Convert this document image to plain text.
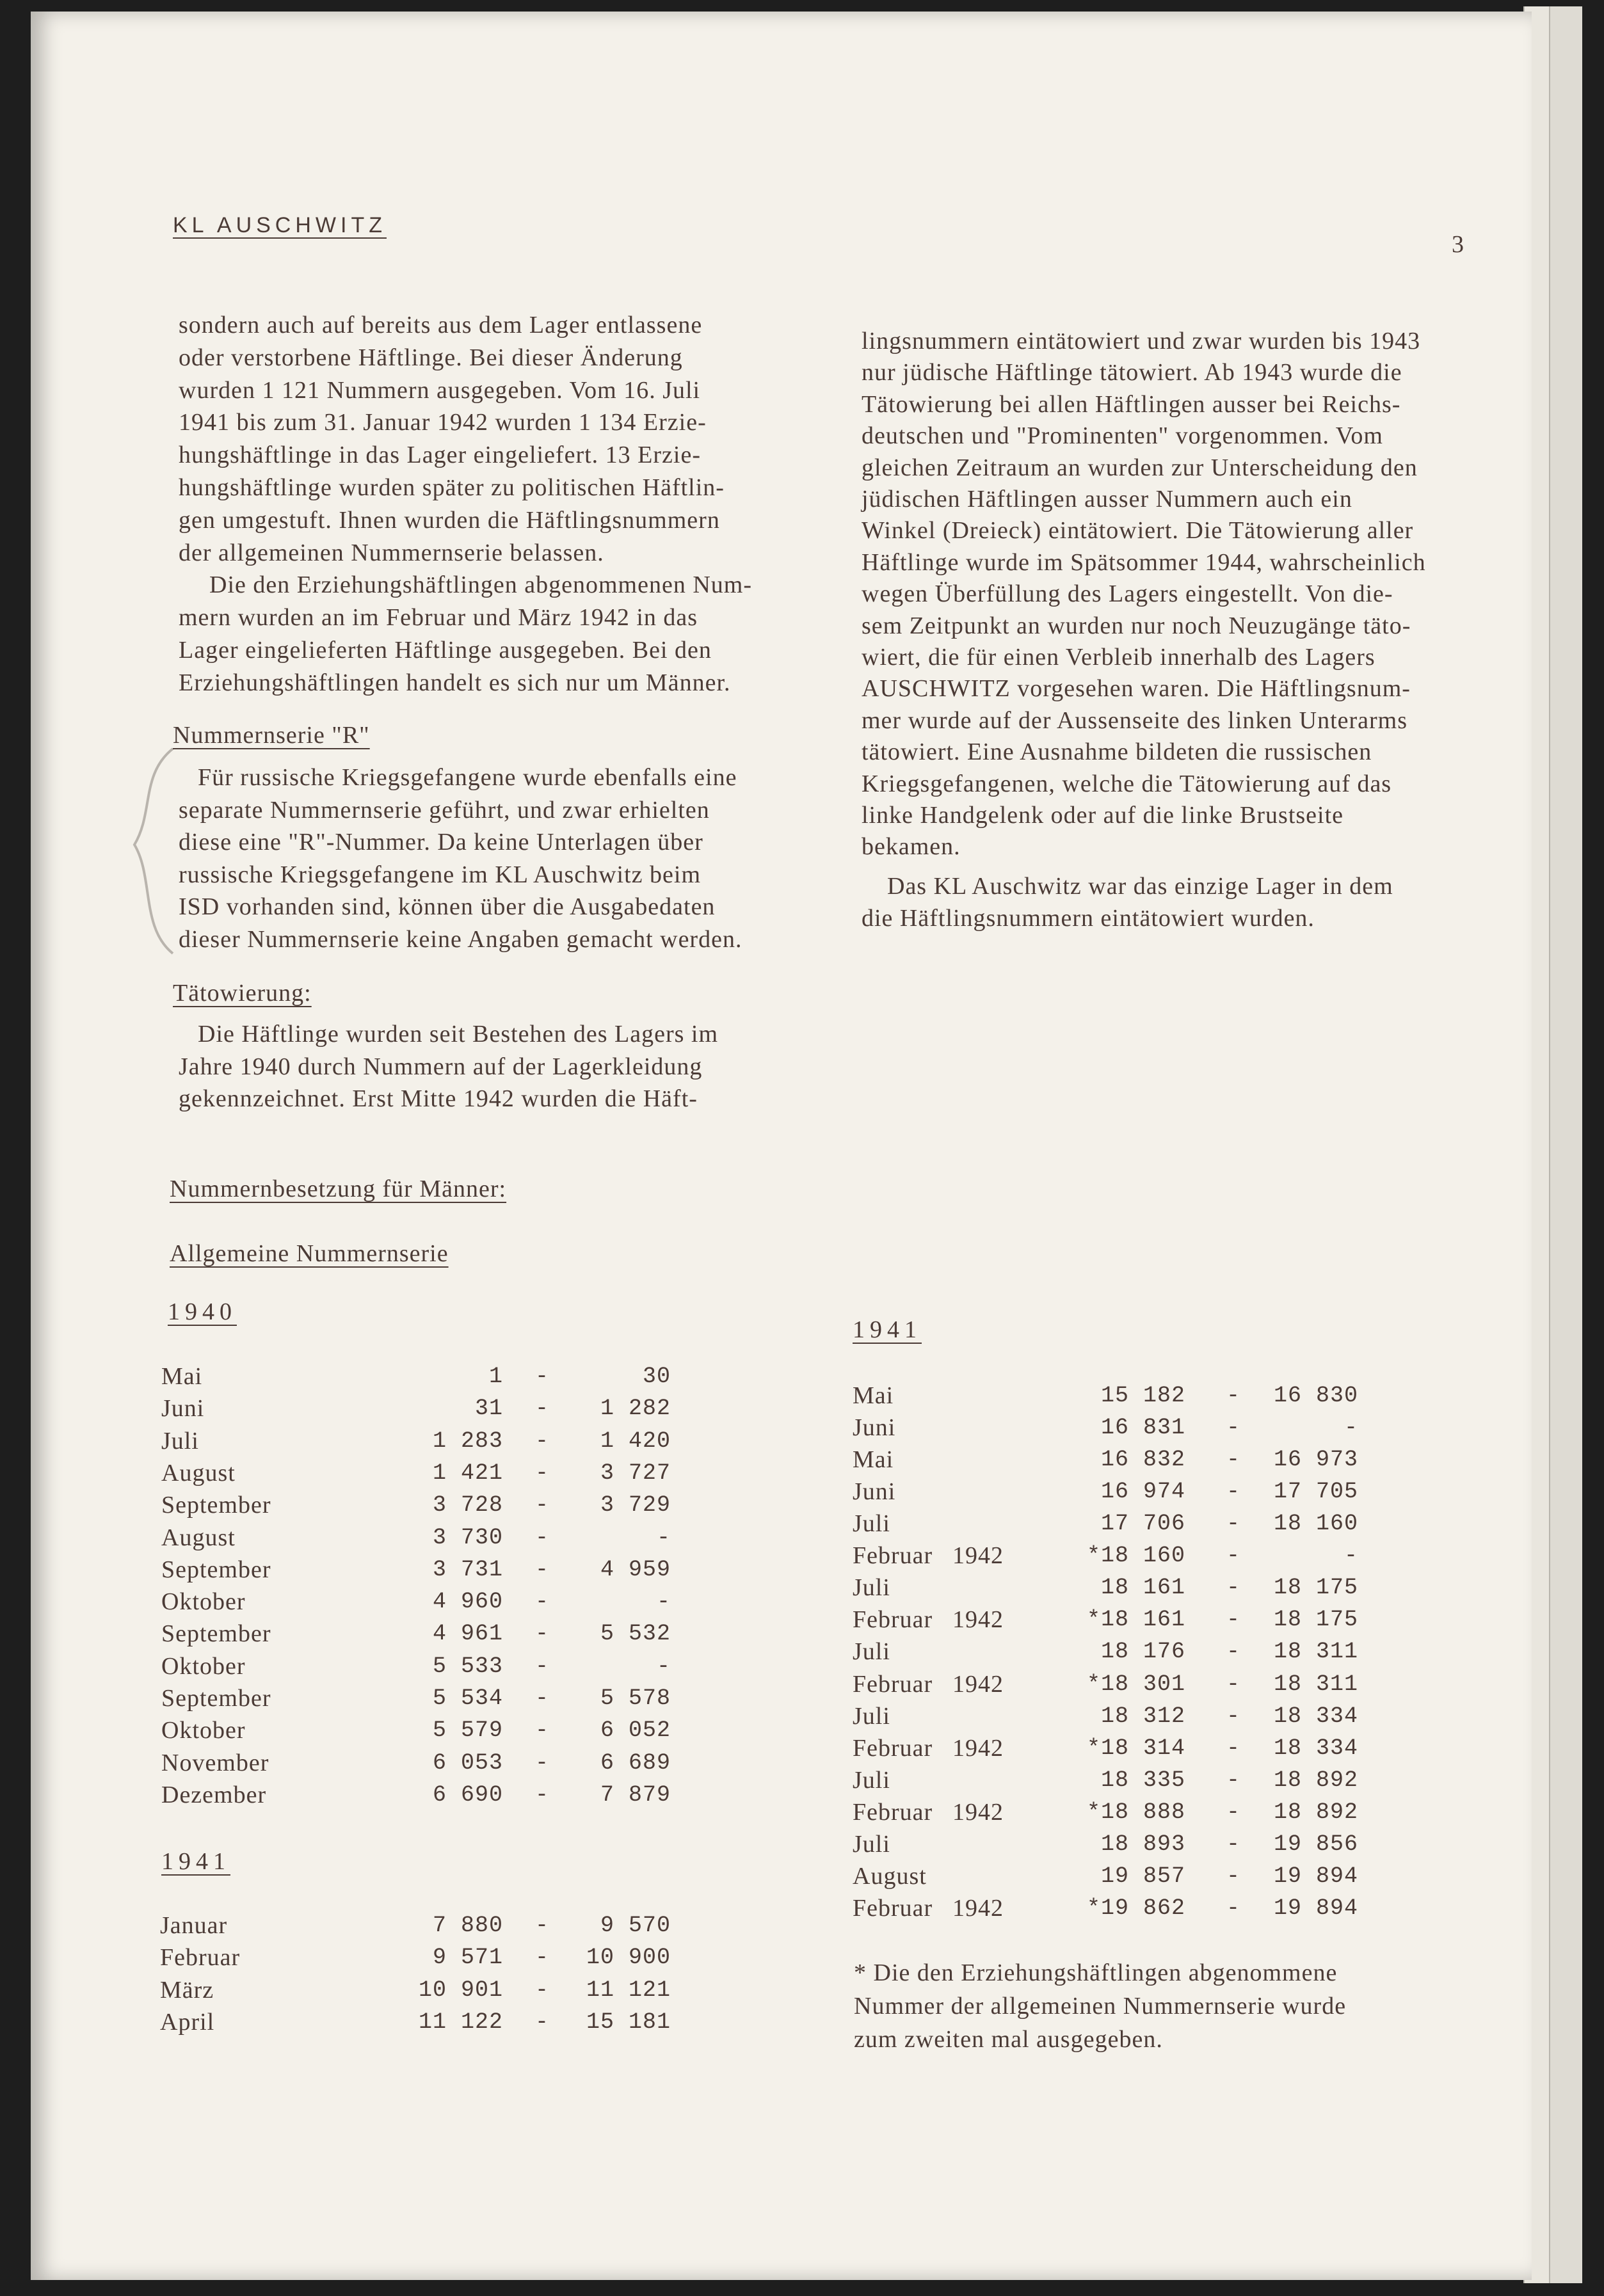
KL AUSCHWITZ
3
sondern auch auf bereits aus dem Lager entlassene
oder verstorbene Häftlinge. Bei dieser Änderung
wurden 1 121 Nummern ausgegeben. Vom 16. Juli
1941 bis zum 31. Januar 1942 wurden 1 134 Erzie-
hungshäftlinge in das Lager eingeliefert. 13 Erzie-
hungshäftlinge wurden später zu politischen Häftlin-
gen umgestuft. Ihnen wurden die Häftlingsnummern
der allgemeinen Nummernserie belassen.
Die den Erziehungshäftlingen abgenommenen Num-
mern wurden an im Februar und März 1942 in das
Lager eingelieferten Häftlinge ausgegeben. Bei den
Erziehungshäftlingen handelt es sich nur um Männer.
Nummernserie "R"
Für russische Kriegsgefangene wurde ebenfalls eine
separate Nummernserie geführt, und zwar erhielten
diese eine "R"-Nummer. Da keine Unterlagen über
russische Kriegsgefangene im KL Auschwitz beim
ISD vorhanden sind, können über die Ausgabedaten
dieser Nummernserie keine Angaben gemacht werden.
Tätowierung:
Die Häftlinge wurden seit Bestehen des Lagers im
Jahre 1940 durch Nummern auf der Lagerkleidung
gekennzeichnet. Erst Mitte 1942 wurden die Häft-
Nummernbesetzung für Männer:
Allgemeine Nummernserie
1940
Mai	1 -	30
Juni	31 -	1 282
Juli	1 283 -	1 420
August	1 421 -	3 727
September	3 728 -	3 729
August	3 730 -	-
September	3 731 -	4 959
Oktober	4 960 -	-
September	4 961 -	5 532
Oktober	5 533 -	-
September	5 534 -	5 578
Oktober	5 579 -	6 052
November	6 053 -	6 689
Dezember	6 690 -	7 879
1941
Januar	7 880 -	9 570
Februar	9 571 -	10 900
März	10 901 -	11 121
April	11 122 -	15 181
lingsnummern eintätowiert und zwar wurden bis 1943
nur jüdische Häftlinge tätowiert. Ab 1943 wurde die
Tätowierung bei allen Häftlingen ausser bei Reichs-
deutschen und "Prominenten" vorgenommen. Vom
gleichen Zeitraum an wurden zur Unterscheidung den
jüdischen Häftlingen ausser Nummern auch ein
Winkel (Dreieck) eintätowiert. Die Tätowierung aller
Häftlinge wurde im Spätsommer 1944, wahrscheinlich
wegen Überfüllung des Lagers eingestellt. Von die-
sem Zeitpunkt an wurden nur noch Neuzugänge täto-
wiert, die für einen Verbleib innerhalb des Lagers
AUSCHWITZ vorgesehen waren. Die Häftlingsnum-
mer wurde auf der Aussenseite des linken Unterarms
tätowiert. Eine Ausnahme bildeten die russischen
Kriegsgefangenen, welche die Tätowierung auf das
linke Handgelenk oder auf die linke Brustseite
bekamen.
Das KL Auschwitz war das einzige Lager in dem
die Häftlingsnummern eintätowiert wurden.
1941
Mai	15 182 -	16 830
Juni	16 831 -	-
Mai	16 832 -	16 973
Juni	16 974 -	17 705
Juli	17 706 -	18 160
Februar 1942	*18 160 -	-
Juli	18 161 -	18 175
Februar 1942	*18 161 -	18 175
Juli	18 176 -	18 311
Februar 1942	*18 301 -	18 311
Juli	18 312 -	18 334
Februar 1942	*18 314 -	18 334
Juli	18 335 -	18 892
Februar 1942	*18 888 -	18 892
Juli	18 893 -	19 856
August	19 857 -	19 894
Februar 1942	*19 862 -	19 894
* Die den Erziehungshäftlingen abgenommene
Nummer der allgemeinen Nummernserie wurde
zum zweiten mal ausgegeben.
